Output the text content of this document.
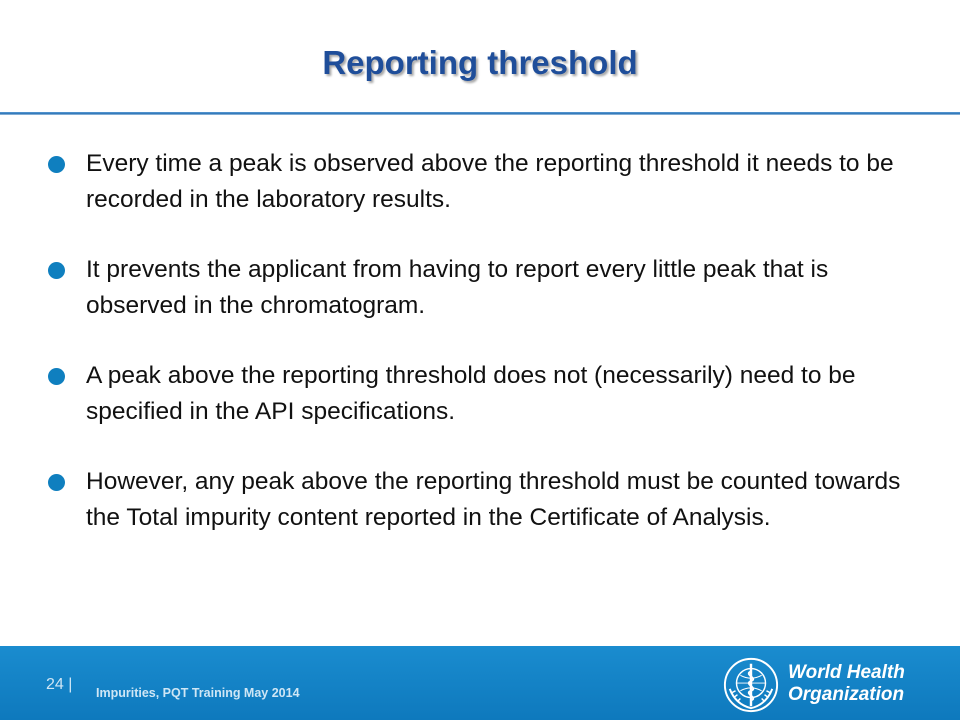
Reporting threshold
Every time a peak is observed above the reporting threshold it needs to be recorded in the laboratory results.
It prevents the applicant from having to report every little peak that is observed in the chromatogram.
A peak above the reporting threshold does not (necessarily) need to be specified in the API specifications.
However, any peak above the reporting threshold must be counted towards the Total impurity content reported in the Certificate of Analysis.
24 | Impurities, PQT Training May 2014
World Health
Organization
